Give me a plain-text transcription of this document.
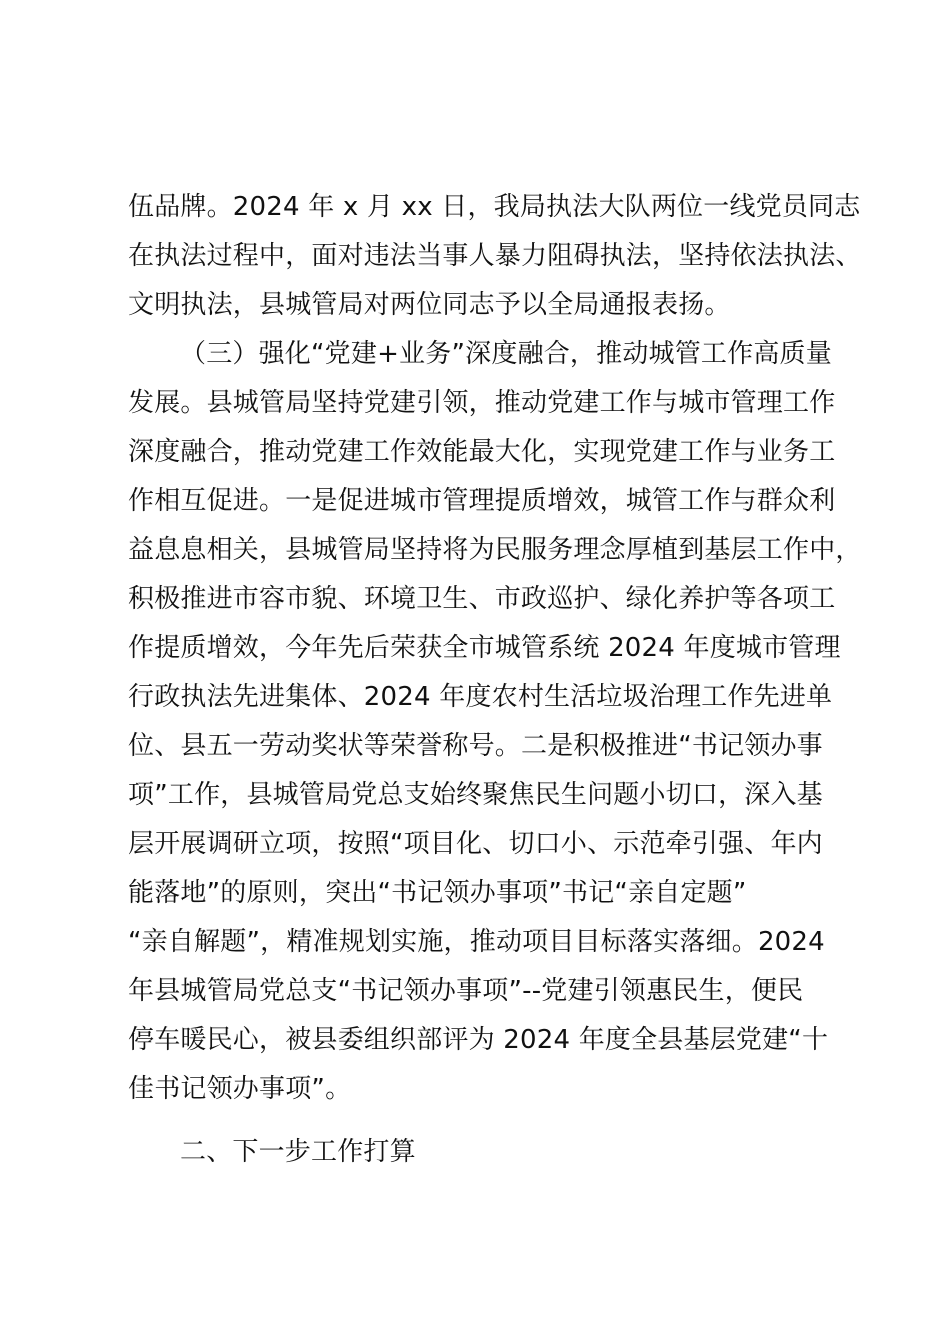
伍品牌。2024 年 x 月 xx 日，我局执法大队两位一线党员同志
在执法过程中，面对违法当事人暴力阻碍执法，坚持依法执法、
文明执法，县城管局对两位同志予以全局通报表扬。
（三）强化“党建+业务”深度融合，推动城管工作高质量
发展。县城管局坚持党建引领，推动党建工作与城市管理工作
深度融合，推动党建工作效能最大化，实现党建工作与业务工
作相互促进。一是促进城市管理提质增效，城管工作与群众利
益息息相关，县城管局坚持将为民服务理念厚植到基层工作中，
积极推进市容市貌、环境卫生、市政巡护、绿化养护等各项工
作提质增效，今年先后荣获全市城管系统 2024 年度城市管理
行政执法先进集体、2024 年度农村生活垃圾治理工作先进单
位、县五一劳动奖状等荣誉称号。二是积极推进“书记领办事
项”工作，县城管局党总支始终聚焦民生问题小切口，深入基
层开展调研立项，按照“项目化、切口小、示范牵引强、年内
能落地”的原则，突出“书记领办事项”书记“亲自定题”
“亲自解题”，精准规划实施，推动项目目标落实落细。2024
年县城管局党总支“书记领办事项”--党建引领惠民生，便民
停车暖民心，被县委组织部评为 2024 年度全县基层党建“十
佳书记领办事项”。
二、下一步工作打算
